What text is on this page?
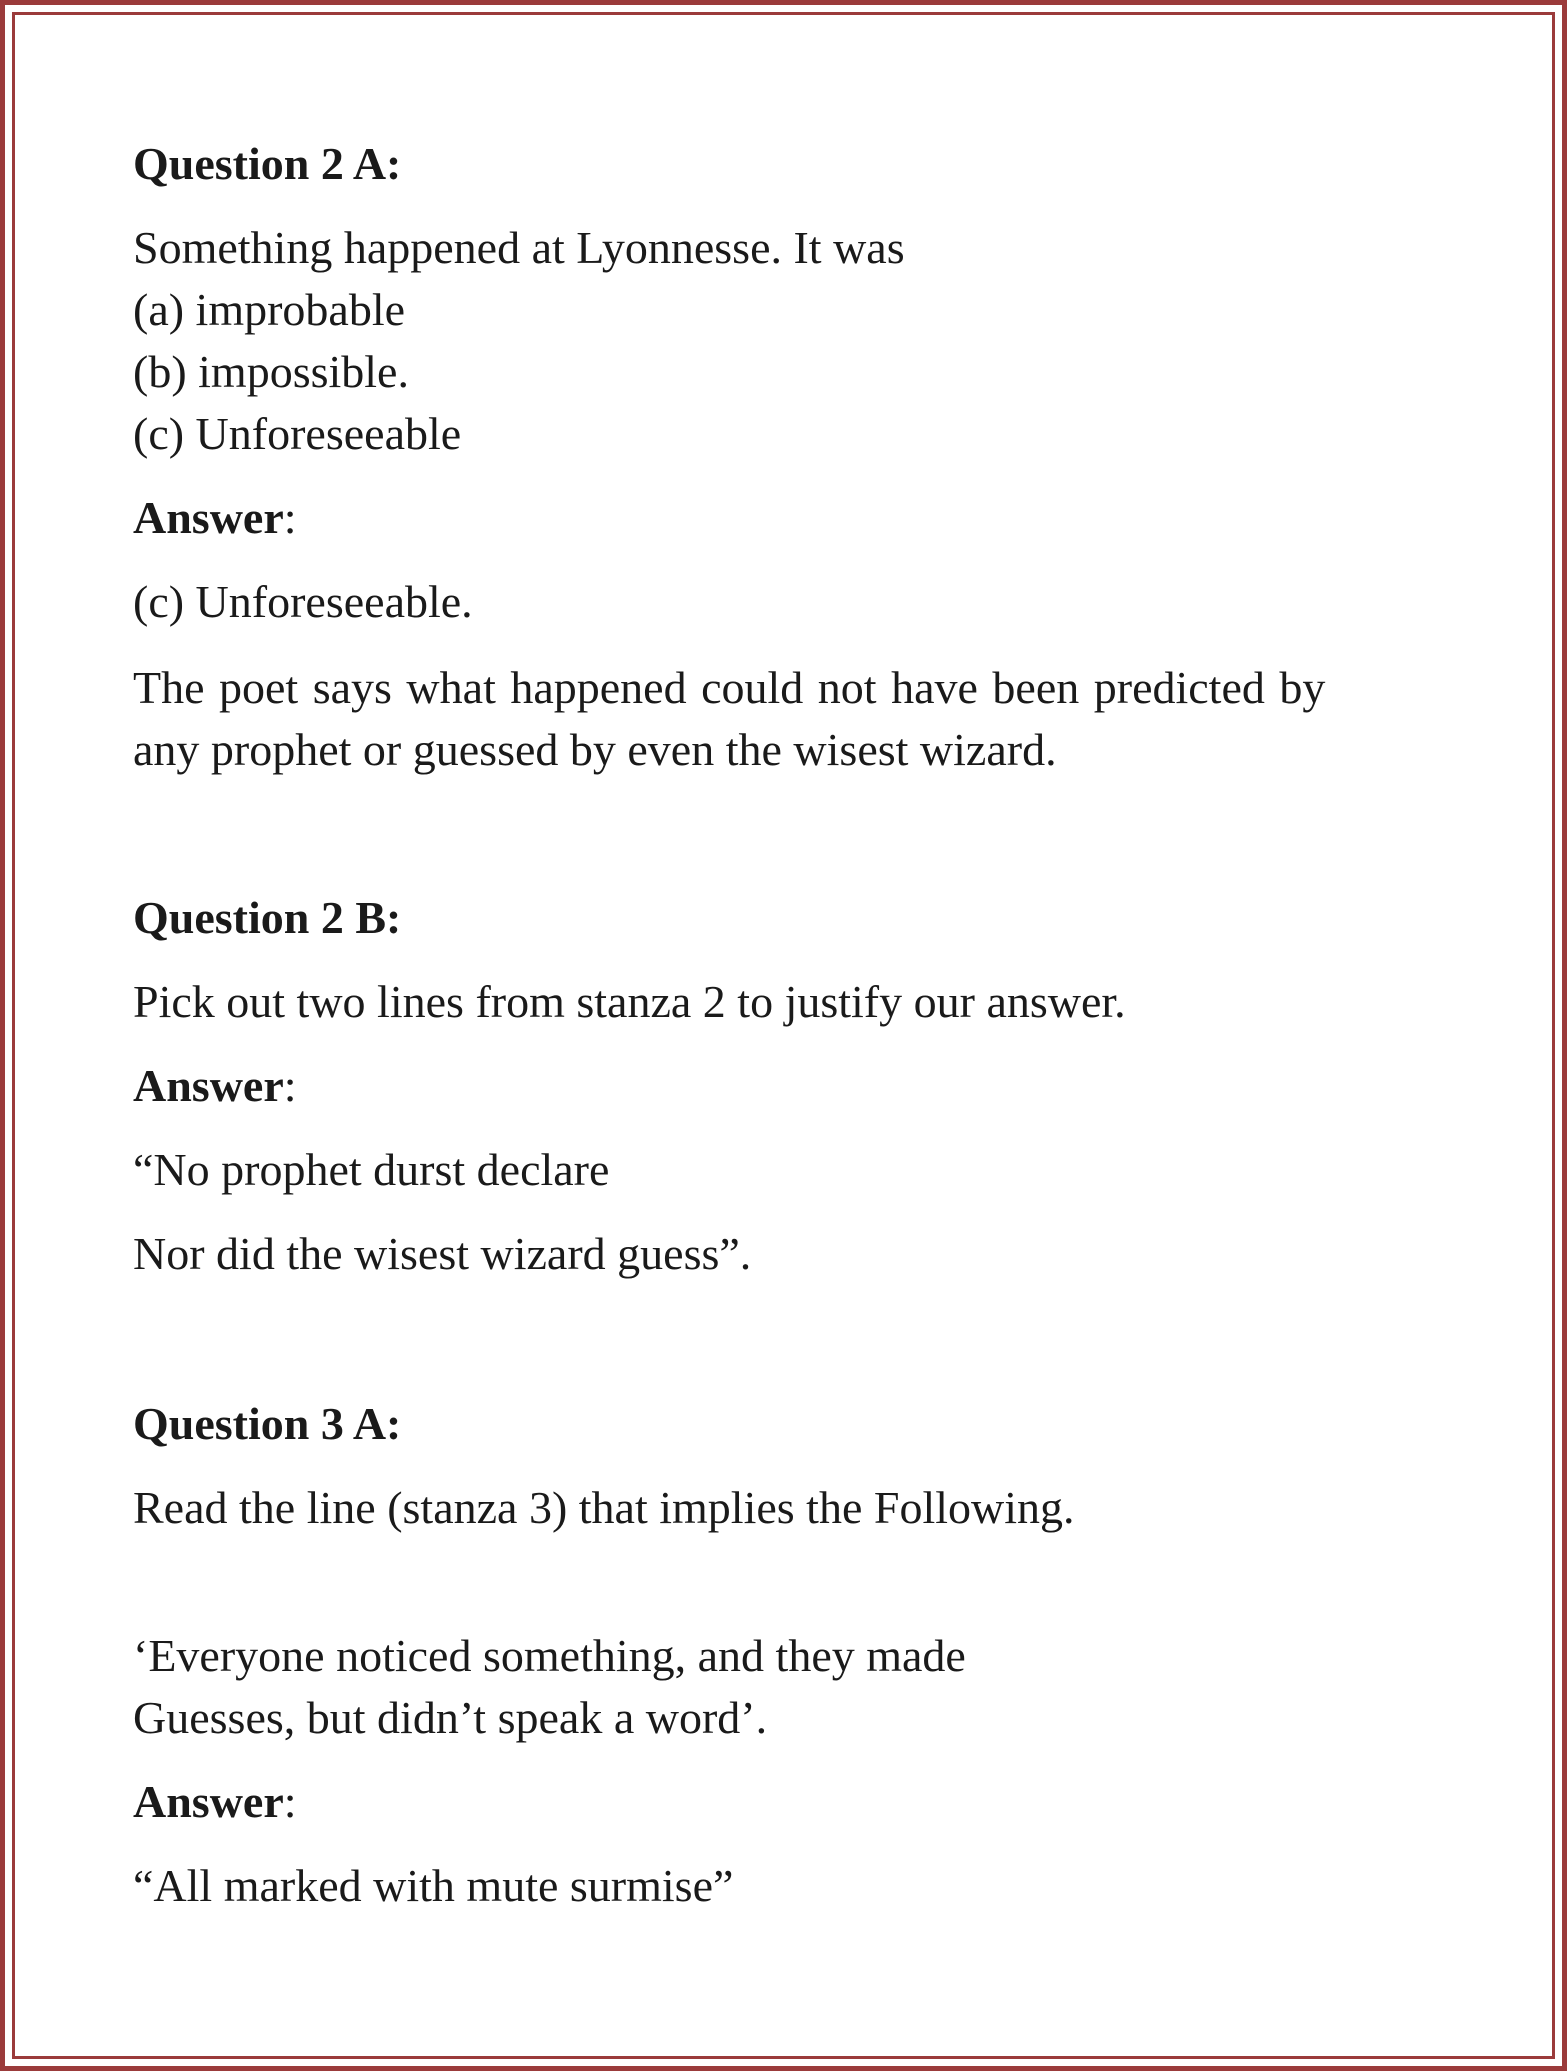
Question 2 A:
Something happened at Lyonnesse. It was
(a) improbable
(b) impossible.
(c) Unforeseeable
Answer:
(c) Unforeseeable.
The poet says what happened could not have been predicted by
any prophet or guessed by even the wisest wizard.
Question 2 B:
Pick out two lines from stanza 2 to justify our answer.
Answer:
“No prophet durst declare
Nor did the wisest wizard guess”.
Question 3 A:
Read the line (stanza 3) that implies the Following.
‘Everyone noticed something, and they made
Guesses, but didn’t speak a word’.
Answer:
“All marked with mute surmise”
